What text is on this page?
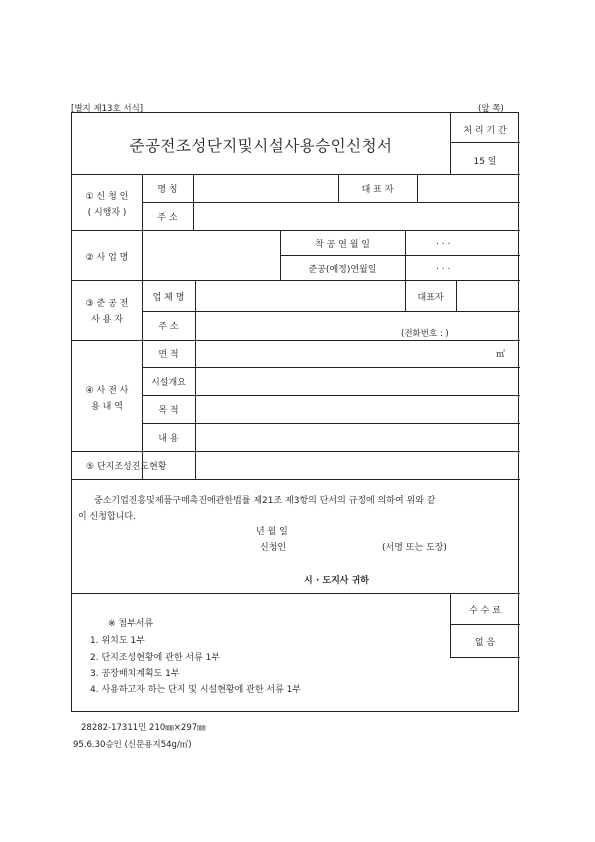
[별지 제13호 서식]	(앞 쪽)
준공전조성단지및시설사용승인신청서
처 리 기 간
15 일
① 신 청 인
( 시행자 )
명 칭	대 표 자
주 소
② 사 업 명
착 공 연 월 일	. . .
준공(예정)연월일	. . .
③ 준 공 전
사 용 자
업 체 명	대표자
주 소
(전화번호 : )
④ 사 전 사
용 내 역
면 적	㎡
시설개요
목 적
내 용
⑤ 단지조성진도현황
중소기업진흥및제품구매촉진에관한법률 제21조 제3항의 단서의 규정에 의하여 위와 같
이 신청합니다.
년 월 일
신청인	(서명 또는 도장)
시 · 도지사 귀하
※ 첨부서류
1. 위치도 1부
2. 단지조성현황에 관한 서류 1부
3. 공장배치계획도 1부
4. 사용하고자 하는 단지 및 시설현황에 관한 서류 1부
수 수 료
없 음
28282-17311민 210㎜×297㎜
95.6.30승인 (신문용지54g/㎡)
